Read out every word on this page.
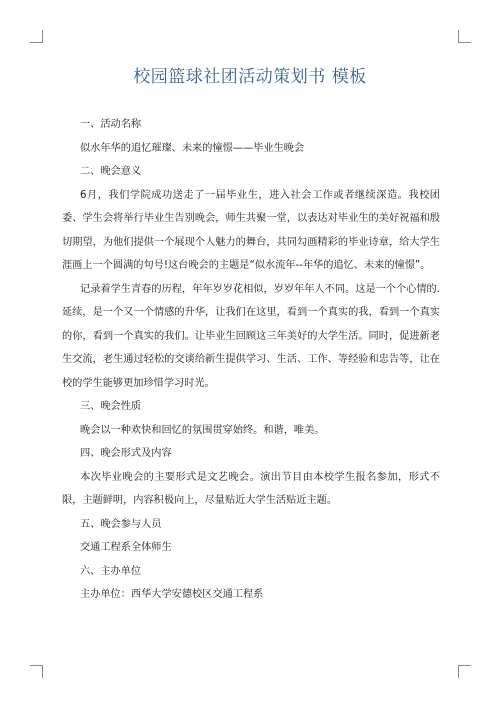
校园篮球社团活动策划书 模板

一、活动名称

似水年华的追忆璀璨、未来的憧憬——毕业生晚会

二、晚会意义

6月，我们学院成功送走了一届毕业生，进入社会工作或者继续深造。我校团委、学生会将举行毕业生告别晚会，师生共聚一堂，以表达对毕业生的美好祝福和殷切期望，为他们提供一个展现个人魅力的舞台，共同勾画精彩的毕业诗章，给大学生涯画上一个圆满的句号!这台晚会的主题是“似水流年--年华的追忆、未来的憧憬”。

记录着学生青春的历程，年年岁岁花相似，岁岁年年人不同。这是一个个心情的.延续，是一个又一个情感的升华，让我们在这里，看到一个真实的我，看到一个真实的你，看到一个真实的我们。让毕业生回顾这三年美好的大学生活。同时，促进新老生交流，老生通过轻松的交谈给新生提供学习、生活、工作、等经验和忠告等，让在校的学生能够更加珍惜学习时光。

三、晚会性质

晚会以一种欢快和回忆的氛围贯穿始终。和谐，唯美。

四、晚会形式及内容

本次毕业晚会的主要形式是文艺晚会。演出节目由本校学生报名参加，形式不限，主题鲜明，内容积极向上，尽量贴近大学生活贴近主题。

五、晚会参与人员

交通工程系全体师生

六、主办单位

主办单位：西华大学安德校区交通工程系
